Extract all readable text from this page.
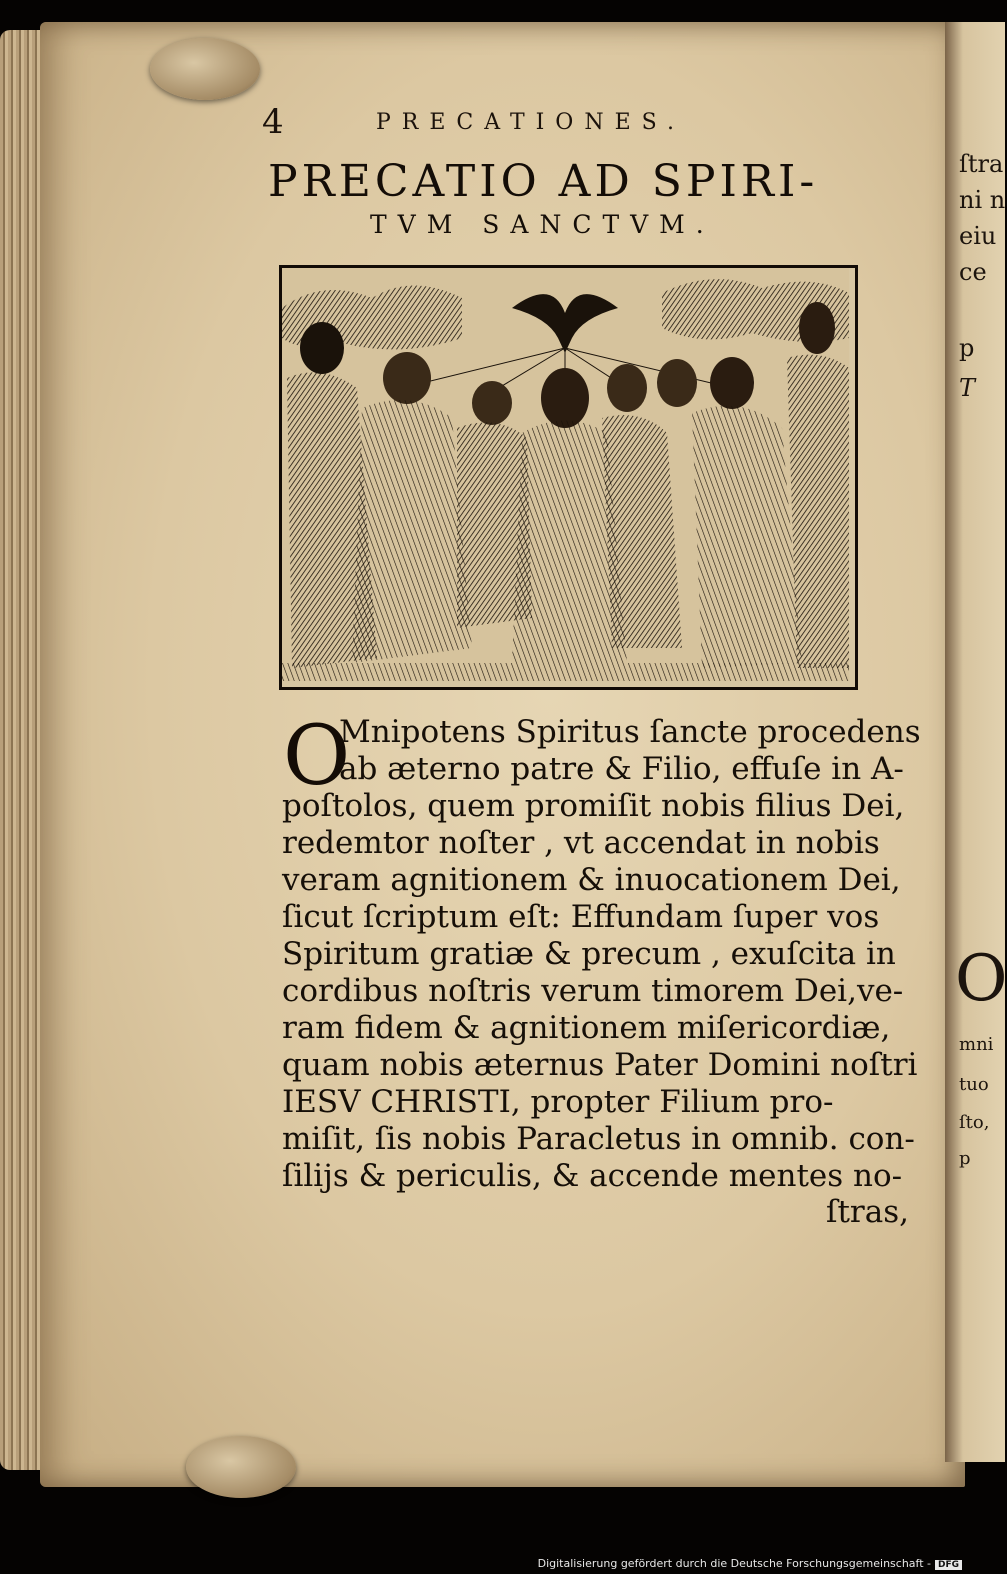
ſtra
ni n
eiu
ce
p
T
O
mni
tuo
ſto,
p
4	PRECATIONES.
PRECATIO AD SPIRI-
TVM SANCTVM.
O
Mnipotens Spiritus ſancte procedens
ab æterno patre & Filio, effuſe in A-
poſtolos, quem promiſit nobis filius Dei,
redemtor noſter , vt accendat in nobis
veram agnitionem & inuocationem Dei,
ſicut ſcriptum eſt: Effundam ſuper vos
Spiritum gratiæ & precum , exuſcita in
cordibus noſtris verum timorem Dei,ve-
ram fidem & agnitionem miſericordiæ,
quam nobis æternus Pater Domini noſtri
IESV CHRISTI, propter Filium pro-
miſit, ſis nobis Paracletus in omnib. con-
ſilijs & periculis, & accende mentes no-
ſtras,
Digitalisierung gefördert durch die Deutsche Forschungsgemeinschaft - DFG
